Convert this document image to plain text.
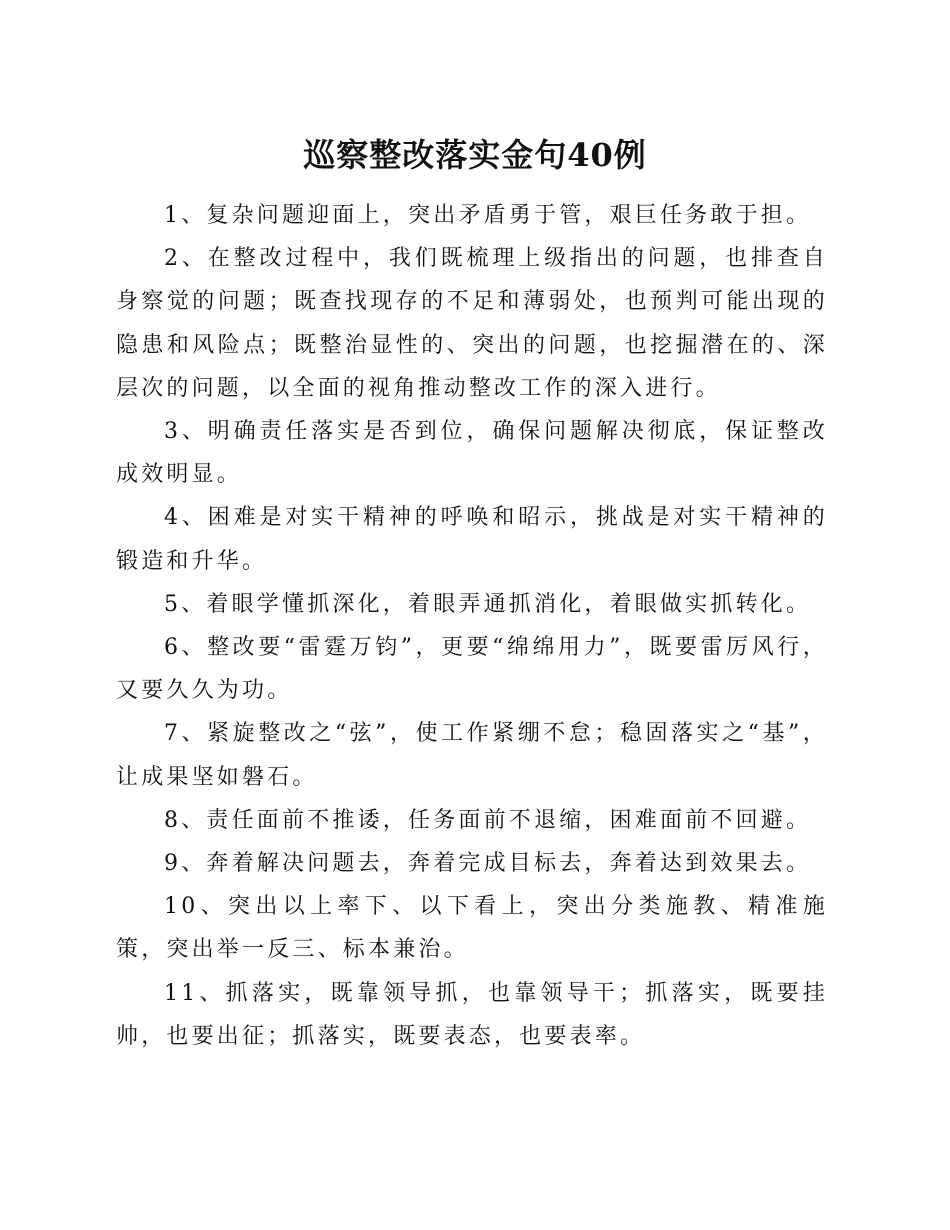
巡察整改落实金句40例

1、复杂问题迎面上，突出矛盾勇于管，艰巨任务敢于担。

2、在整改过程中，我们既梳理上级指出的问题，也排查自身察觉的问题；既查找现存的不足和薄弱处，也预判可能出现的隐患和风险点；既整治显性的、突出的问题，也挖掘潜在的、深层次的问题，以全面的视角推动整改工作的深入进行。

3、明确责任落实是否到位，确保问题解决彻底，保证整改成效明显。

4、困难是对实干精神的呼唤和昭示，挑战是对实干精神的锻造和升华。

5、着眼学懂抓深化，着眼弄通抓消化，着眼做实抓转化。

6、整改要“雷霆万钧”，更要“绵绵用力”，既要雷厉风行，又要久久为功。

7、紧旋整改之“弦”，使工作紧绷不怠；稳固落实之“基”，让成果坚如磐石。

8、责任面前不推诿，任务面前不退缩，困难面前不回避。

9、奔着解决问题去，奔着完成目标去，奔着达到效果去。

10、突出以上率下、以下看上，突出分类施教、精准施策，突出举一反三、标本兼治。

11、抓落实，既靠领导抓，也靠领导干；抓落实，既要挂帅，也要出征；抓落实，既要表态，也要表率。
